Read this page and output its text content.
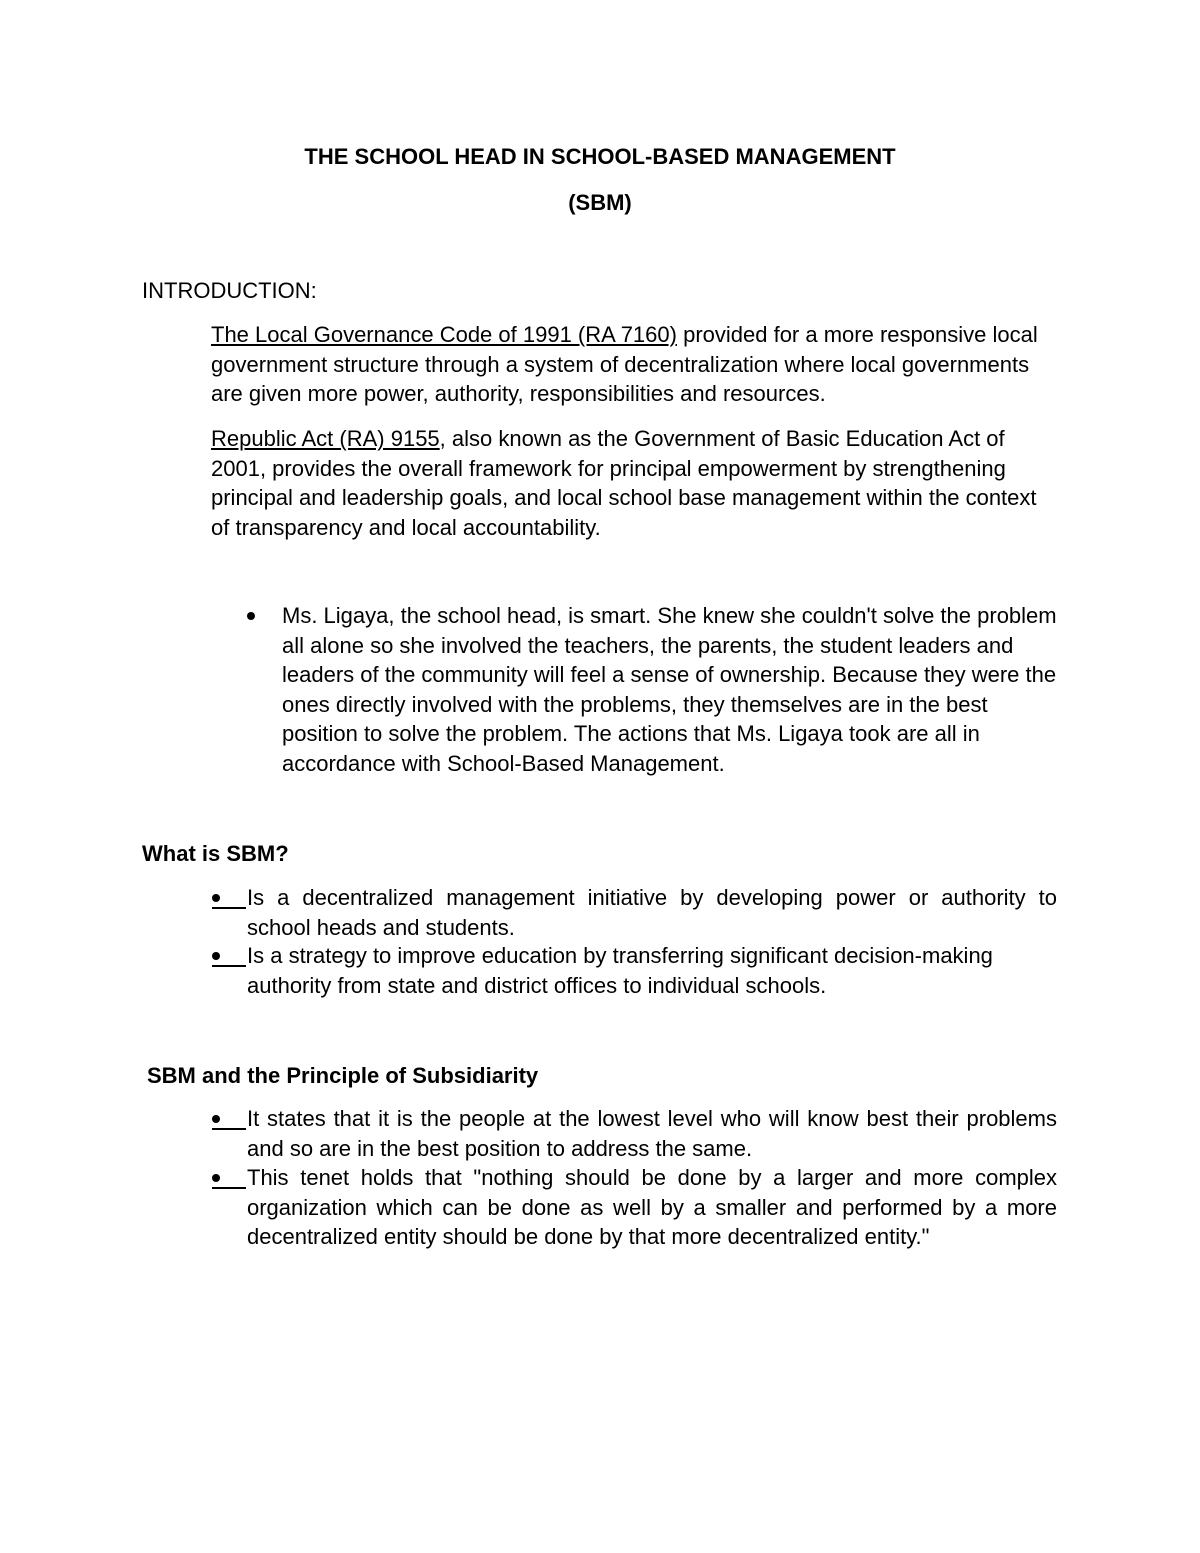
THE SCHOOL HEAD IN SCHOOL-BASED MANAGEMENT
(SBM)
INTRODUCTION:
The Local Governance Code of 1991 (RA 7160) provided for a more responsive local government structure through a system of decentralization where local governments are given more power, authority, responsibilities and resources.
Republic Act (RA) 9155, also known as the Government of Basic Education Act of 2001, provides the overall framework for principal empowerment by strengthening principal and leadership goals, and local school base management within the context of transparency and local accountability.
Ms. Ligaya, the school head, is smart. She knew she couldn't solve the problem all alone so she involved the teachers, the parents, the student leaders and leaders of the community will feel a sense of ownership. Because they were the ones directly involved with the problems, they themselves are in the best position to solve the problem. The actions that Ms. Ligaya took are all in accordance with School-Based Management.
What is SBM?
Is a decentralized management initiative by developing power or authority to school heads and students.
Is a strategy to improve education by transferring significant decision-making authority from state and district offices to individual schools.
SBM and the Principle of Subsidiarity
It states that it is the people at the lowest level who will know best their problems and so are in the best position to address the same.
This tenet holds that "nothing should be done by a larger and more complex organization which can be done as well by a smaller and performed by a more decentralized entity should be done by that more decentralized entity."
